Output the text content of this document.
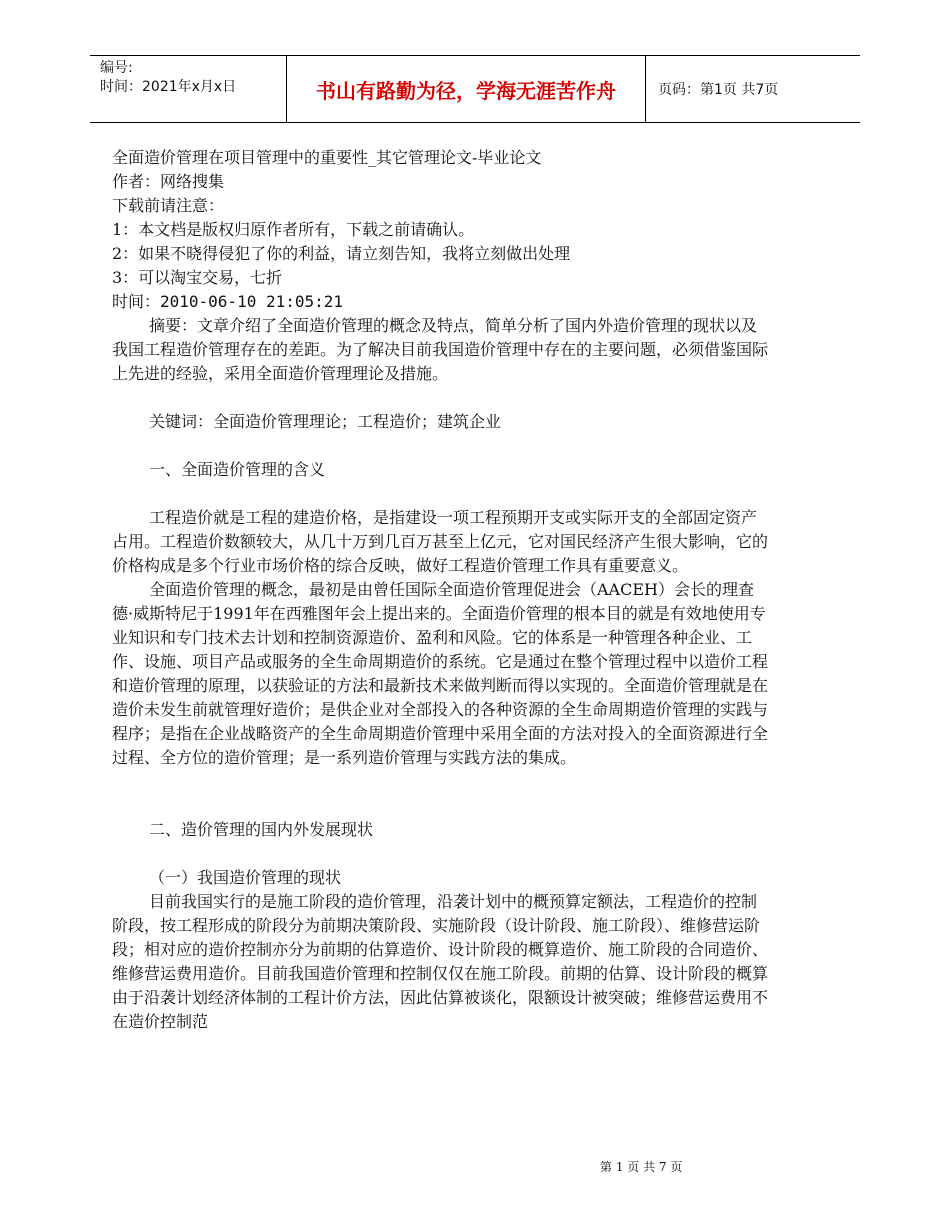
编号:
时间：2021年x月x日	书山有路勤为径，学海无涯苦作舟	页码：第1页 共7页

全面造价管理在项目管理中的重要性_其它管理论文-毕业论文

作者：网络搜集

下载前请注意：

1：本文档是版权归原作者所有，下载之前请确认。

2：如果不晓得侵犯了你的利益，请立刻告知，我将立刻做出处理

3：可以淘宝交易，七折

时间：2010-06-10 21:05:21

摘要：文章介绍了全面造价管理的概念及特点，简单分析了国内外造价管理的现状以及我国工程造价管理存在的差距。为了解决目前我国造价管理中存在的主要问题，必须借鉴国际上先进的经验，采用全面造价管理理论及措施。

关键词：全面造价管理理论；工程造价；建筑企业

一、全面造价管理的含义

工程造价就是工程的建造价格，是指建设一项工程预期开支或实际开支的全部固定资产占用。工程造价数额较大，从几十万到几百万甚至上亿元，它对国民经济产生很大影响，它的价格构成是多个行业市场价格的综合反映，做好工程造价管理工作具有重要意义。

全面造价管理的概念，最初是由曾任国际全面造价管理促进会（AACEH）会长的理查德·威斯特尼于1991年在西雅图年会上提出来的。全面造价管理的根本目的就是有效地使用专业知识和专门技术去计划和控制资源造价、盈利和风险。它的体系是一种管理各种企业、工作、设施、项目产品或服务的全生命周期造价的系统。它是通过在整个管理过程中以造价工程和造价管理的原理，以获验证的方法和最新技术来做判断而得以实现的。全面造价管理就是在造价未发生前就管理好造价；是供企业对全部投入的各种资源的全生命周期造价管理的实践与程序；是指在企业战略资产的全生命周期造价管理中采用全面的方法对投入的全面资源进行全过程、全方位的造价管理；是一系列造价管理与实践方法的集成。

二、造价管理的国内外发展现状

（一）我国造价管理的现状

目前我国实行的是施工阶段的造价管理，沿袭计划中的概预算定额法，工程造价的控制阶段，按工程形成的阶段分为前期决策阶段、实施阶段（设计阶段、施工阶段）、维修营运阶段；相对应的造价控制亦分为前期的估算造价、设计阶段的概算造价、施工阶段的合同造价、维修营运费用造价。目前我国造价管理和控制仅仅在施工阶段。前期的估算、设计阶段的概算由于沿袭计划经济体制的工程计价方法，因此估算被谈化，限额设计被突破；维修营运费用不在造价控制范

第 1 页 共 7 页
